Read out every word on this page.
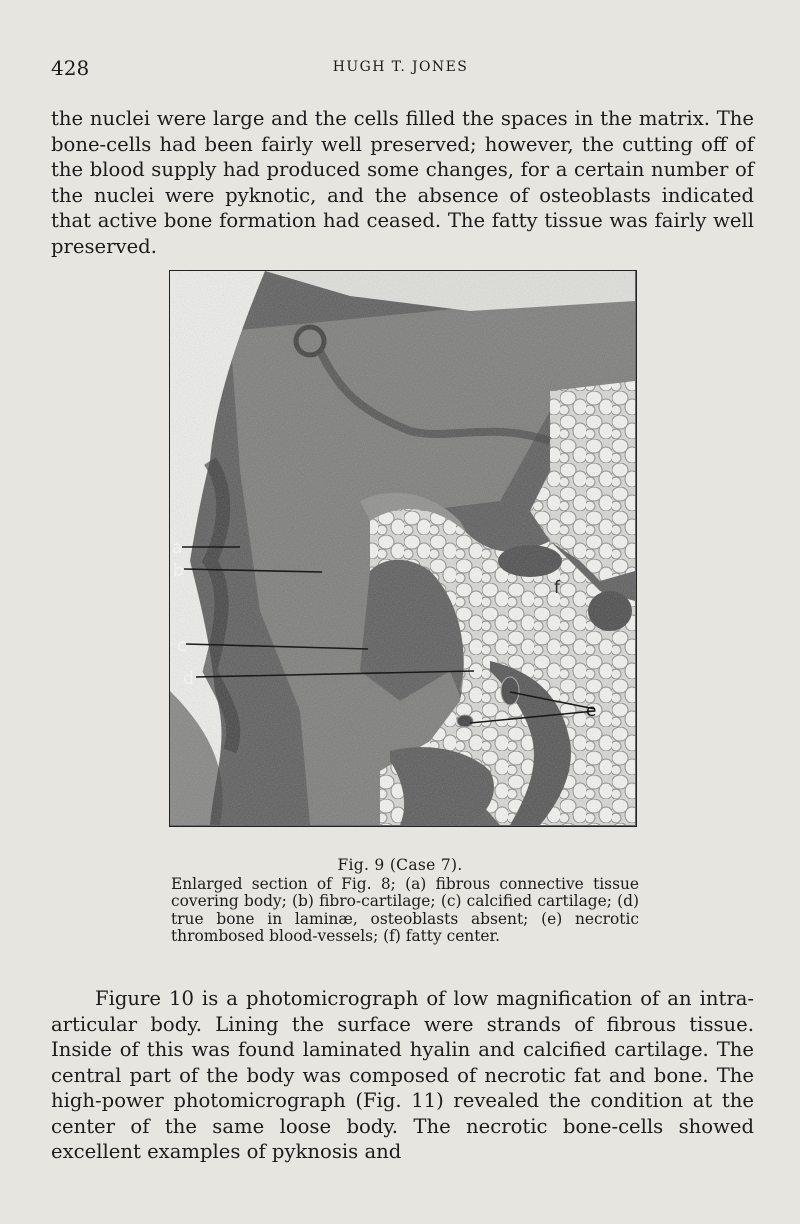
428	HUGH T. JONES

the nuclei were large and the cells filled the spaces in the matrix. The bone-cells had been fairly well preserved; however, the cutting off of the blood supply had produced some changes, for a certain number of the nuclei were pyknotic, and the absence of osteoblasts indicated that active bone formation had ceased. The fatty tissue was fairly well preserved.

a
b
c
d
e
f
Fig. 9 (Case 7).

Enlarged section of Fig. 8; (a) fibrous connective tissue covering body; (b) fibro-cartilage; (c) calcified cartilage; (d) true bone in laminæ, osteoblasts absent; (e) necrotic thrombosed blood-vessels; (f) fatty center.

Figure 10 is a photomicrograph of low magnification of an intra-articular body. Lining the surface were strands of fibrous tissue. Inside of this was found laminated hyalin and calcified cartilage. The central part of the body was composed of necrotic fat and bone. The high-power photomicrograph (Fig. 11) revealed the condition at the center of the same loose body. The necrotic bone-cells showed excellent examples of pyknosis and
